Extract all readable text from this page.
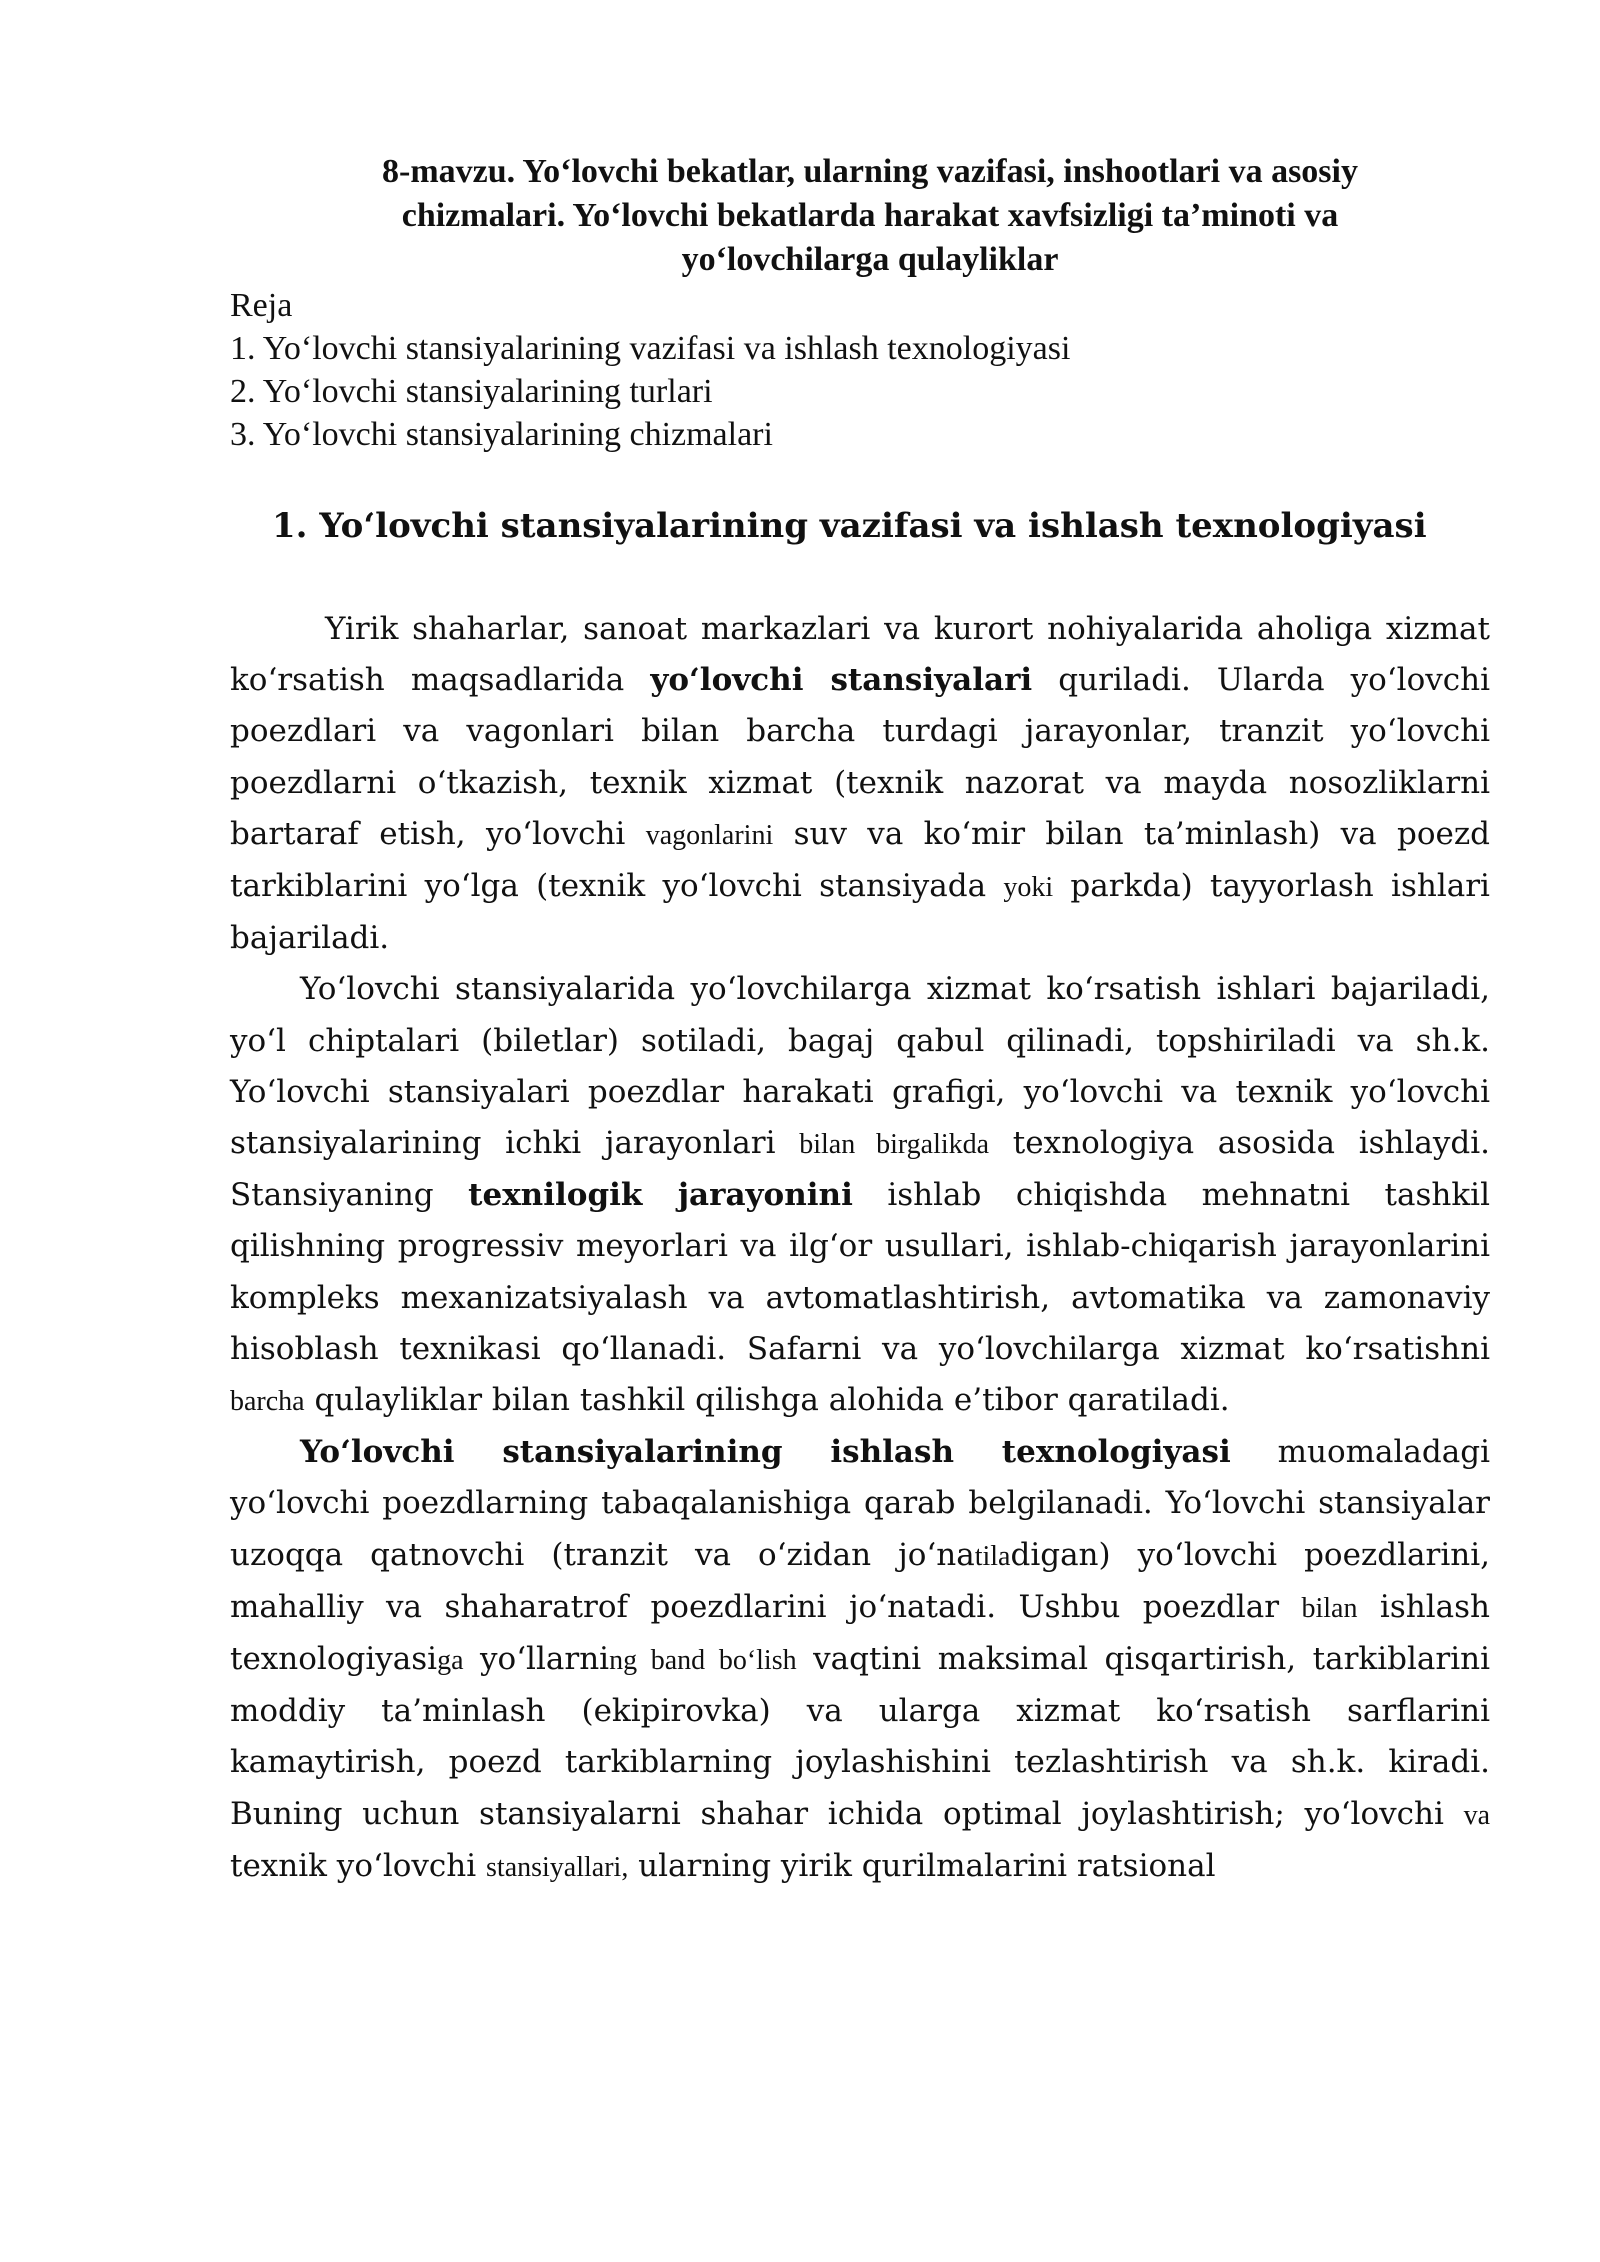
8-mavzu. Yo‘lovchi bekatlar, ularning vazifasi, inshootlari va asosiy
chizmalari. Yo‘lovchi bekatlarda harakat xavfsizligi ta’minoti va
yo‘lovchilarga qulayliklar
Reja
1. Yo‘lovchi stansiyalarining vazifasi va ishlash texnologiyasi
2. Yo‘lovchi stansiyalarining turlari
3. Yo‘lovchi stansiyalarining chizmalari
1. Yo‘lovchi stansiyalarining vazifasi va ishlash texnologiyasi

Yirik shaharlar, sanoat markazlari va kurort nohiyalarida aholiga xizmat ko‘rsatish maqsadlarida yo‘lovchi stansiyalari quriladi. Ularda yo‘lovchi poezdlari va vagonlari bilan barcha turdagi jarayonlar, tranzit yo‘lovchi poezdlarni o‘tkazish, texnik xizmat (texnik nazorat va mayda nosozliklarni bartaraf etish, yo‘lovchi vagonlarini suv va ko‘mir bilan ta’minlash) va poezd tarkiblarini yo‘lga (texnik yo‘lovchi stansiyada yoki parkda) tayyorlash ishlari bajariladi.

Yo‘lovchi stansiyalarida yo‘lovchilarga xizmat ko‘rsatish ishlari bajariladi, yo‘l chiptalari (biletlar) sotiladi, bagaj qabul qilinadi, topshiriladi va sh.k. Yo‘lovchi stansiyalari poezdlar harakati grafigi, yo‘lovchi va texnik yo‘lovchi stansiyalarining ichki jarayonlari bilan birgalikda texnologiya asosida ishlaydi. Stansiyaning texnilogik jarayonini ishlab chiqishda mehnatni tashkil qilishning progressiv meyorlari va ilg‘or usullari, ishlab-chiqarish jarayonlarini kompleks mexanizatsiyalash va avtomatlashtirish, avtomatika va zamonaviy hisoblash texnikasi qo‘llanadi. Safarni va yo‘lovchilarga xizmat ko‘rsatishni barcha qulayliklar bilan tashkil qilishga alohida e’tibor qaratiladi.

Yo‘lovchi stansiyalarining ishlash texnologiyasi muomaladagi yo‘lovchi poezdlarning tabaqalanishiga qarab belgilanadi. Yo‘lovchi stansiyalar uzoqqa qatnovchi (tranzit va o‘zidan jo‘natiladigan) yo‘lovchi poezdlarini, mahalliy va shaharatrof poezdlarini jo‘natadi. Ushbu poezdlar bilan ishlash texnologiyasiga yo‘llarning band bo‘lish vaqtini maksimal qisqartirish, tarkiblarini moddiy ta’minlash (ekipirovka) va ularga xizmat ko‘rsatish sarflarini kamaytirish, poezd tarkiblarning joylashishini tezlashtirish va sh.k. kiradi. Buning uchun stansiyalarni shahar ichida optimal joylashtirish; yo‘lovchi va texnik yo‘lovchi stansiyallari, ularning yirik qurilmalarini ratsional
